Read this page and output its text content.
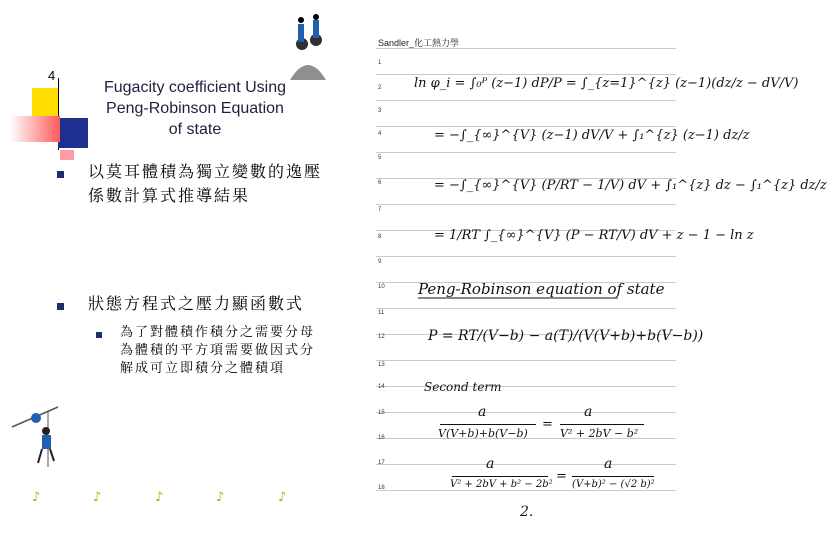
4
Fugacity coefficient Using Peng-Robinson Equation of state
以莫耳體積為獨立變數的逸壓係數計算式推導結果
狀態方程式之壓力顯函數式
為了對體積作積分之需要分母為體積的平方項需要做因式分解成可立即積分之體積項
♪	♪	♪	♪	♪
Sandler_化工熱力學
1
2
3
4
5
6
7
8
9
10
11
12
13
14
15
16
17
18
ln φ_i = ∫₀ᴾ (z−1) dP/P = ∫_{z=1}^{z} (z−1)(dz/z − dV/V)
= −∫_{∞}^{V} (z−1) dV/V + ∫₁^{z} (z−1) dz/z
= −∫_{∞}^{V} (P/RT − 1/V) dV + ∫₁^{z} dz − ∫₁^{z} dz/z
= 1/RT ∫_{∞}^{V} (P − RT/V) dV + z − 1 − ln z
Peng-Robinson equation of state
P = RT/(V−b) − a(T)/(V(V+b)+b(V−b))
Second term
a
V(V+b)+b(V−b)
=
a
V² + 2bV − b²
a
V² + 2bV + b² − 2b²
=
a
(V+b)² − (√2 b)²
2.
